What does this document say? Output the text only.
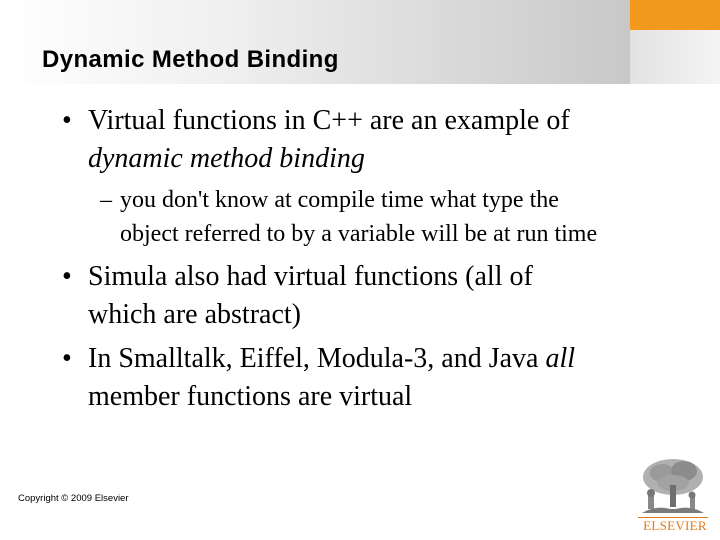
Dynamic Method Binding
• Virtual functions in C++ are an example of
dynamic method binding
– you don't know at compile time what type the
object referred to by a variable will be at run time
• Simula also had virtual functions (all of
which are abstract)
• In Smalltalk, Eiffel, Modula-3, and Java all
member functions are virtual
Copyright © 2009 Elsevier
ELSEVIER
